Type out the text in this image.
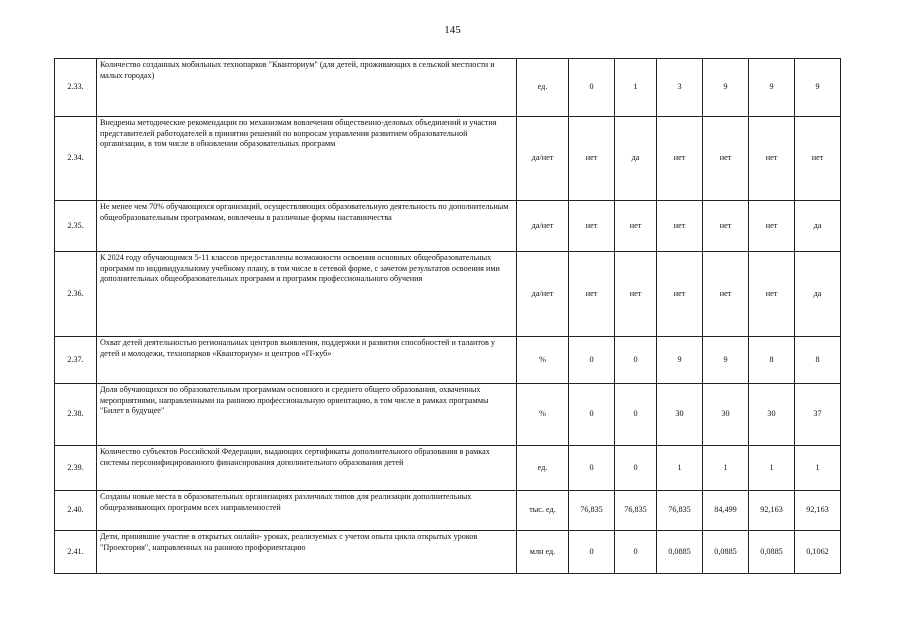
145
2.33.	Количество созданных мобильных технопарков "Кванториум" (для детей, проживающих в сельской местности и малых городах)	ед.	0	1	3	9	9	9
2.34.	Внедрены методические рекомендации по механизмам вовлечения общественно-деловых объединений и участия представителей работодателей в принятии решений по вопросам управления развитием образовательной организации, в том числе в обновлении образовательных программ	да/нет	нет	да	нет	нет	нет	нет
2.35.	Не менее чем 70% обучающихся организаций, осуществляющих образовательную деятельность по дополнительным общеобразовательным программам, вовлечены в различные формы наставничества	да/нет	нет	нет	нет	нет	нет	да
2.36.	К 2024 году обучающимся 5-11 классов предоставлены возможности освоения основных общеобразовательных программ по индивидуальному учебному плану, в том числе в сетевой форме, с зачетом результатов освоения ими дополнительных общеобразовательных программ и программ профессионального обучения	да/нет	нет	нет	нет	нет	нет	да
2.37.	Охват детей деятельностью региональных центров выявления, поддержки и развития способностей и талантов у детей и молодежи, технопарков «Кванториум» и центров «IT-куб»	%	0	0	9	9	8	8
2.38.	Доля обучающихся по образовательным программам основного и среднего общего образования, охваченных мероприятиями, направленными на раннюю профессиональную ориентацию, в том числе в рамках программы "Билет в будущее"	%	0	0	30	30	30	37
2.39.	Количество субъектов Российской Федерации, выдающих сертификаты дополнительного образования в рамках системы персонифицированного финансирования дополнительного образования детей	ед.	0	0	1	1	1	1
2.40.	Созданы новые места в образовательных организациях различных типов для реализации дополнительных общеразвивающих программ всех направленностей	тыс. ед.	76,835	76,835	76,835	84,499	92,163	92,163
2.41.	Дети, принявшие участие в открытых онлайн- уроках, реализуемых с учетом опыта цикла открытых уроков "Проектория", направленных на раннюю профориентацию	млн ед.	0	0	0,0885	0,0885	0,0885	0,1062
